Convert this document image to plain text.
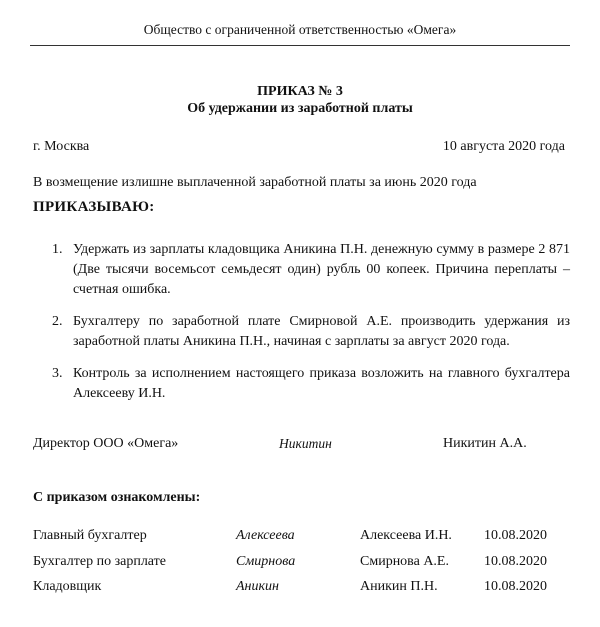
Общество с ограниченной ответственностью «Омега»
ПРИКАЗ № 3
Об удержании из заработной платы
г. Москва	10 августа 2020 года
В возмещение излишне выплаченной заработной платы за июнь 2020 года
ПРИКАЗЫВАЮ:
1. Удержать из зарплаты кладовщика Аникина П.Н. денежную сумму в размере 2 871 (Две тысячи восемьсот семьдесят один) рубль 00 копеек. Причина переплаты – счетная ошибка.
2. Бухгалтеру по заработной плате Смирновой А.Е. производить удержания из заработной платы Аникина П.Н., начиная с зарплаты за август 2020 года.
3. Контроль за исполнением настоящего приказа возложить на главного бухгалтера Алексееву И.Н.
Директор ООО «Омега»	Никитин	Никитин А.А.
С приказом ознакомлены:
Главный бухгалтер	Алексеева	Алексеева И.Н. 10.08.2020
Бухгалтер по зарплате	Смирнова	Смирнова А.Е.	10.08.2020
Кладовщик	Аникин	Аникин П.Н.	10.08.2020
